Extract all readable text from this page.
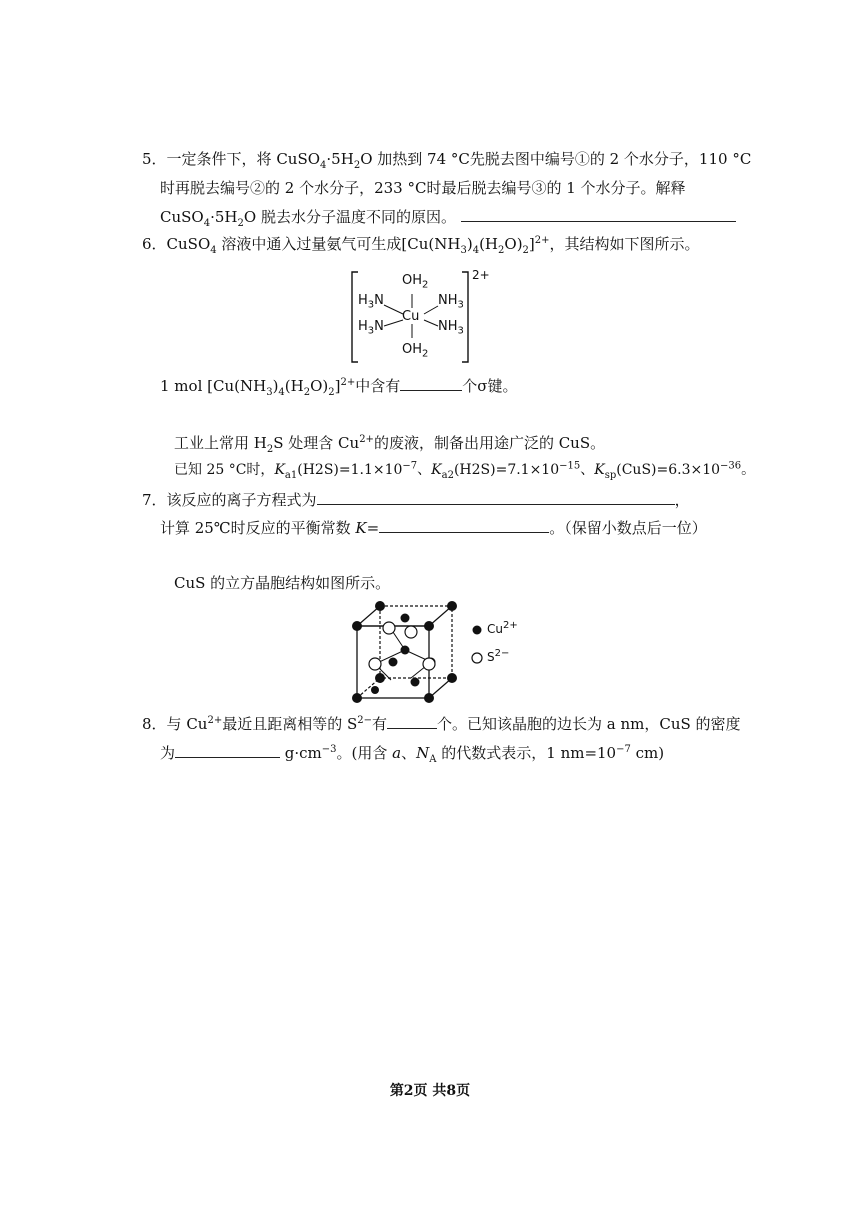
5．一定条件下，将 $CuSO_4\cdot 5H_2O$ 加热到 74 °C先脱去图中编号①的 2 个水分子，110 °C
时再脱去编号②的 2 个水分子，233 °C时最后脱去编号③的 1 个水分子。解释
$CuSO_4\cdot 5H_2O$ 脱去水分子温度不同的原因。
6．CuSO$_4$ 溶液中通入过量氨气可生成$[Cu(NH_3)_4(H_2O)_2]^{2+}$，其结构如下图所示。
2+
$OH_2$
$H_3N$	$NH_3$
Cu
$H_3N$	$NH_3$
$OH_2$
1 mol $[Cu(NH_3)_4(H_2O)_2]^{2+}$中含有	个σ键。
工业上常用 $H_2S$ 处理含 $Cu^{2+}$的废液，制备出用途广泛的 CuS。
已知 25 °C时，$K_{a1}(H2S)=1.1\times 10^{-7}$、$K_{a2}(H2S)=7.1\times 10^{-15}$、$K_{sp}(CuS)=6.3\times 10^{-36}$。
7．该反应的离子方程式为	，
计算 25℃时反应的平衡常数 K=	。（保留小数点后一位）
CuS 的立方晶胞结构如图所示。
$Cu^{2+}$
$S^{2-}$
8．与 $Cu^{2+}$最近且距离相等的 $S^{2-}$有	个。已知该晶胞的边长为 a nm，CuS 的密度
为	$g\cdot cm^{-3}$。(用含 a、$N_A$ 的代数式表示，1 $nm=10^{-7}$ cm)
第2页 共8页
